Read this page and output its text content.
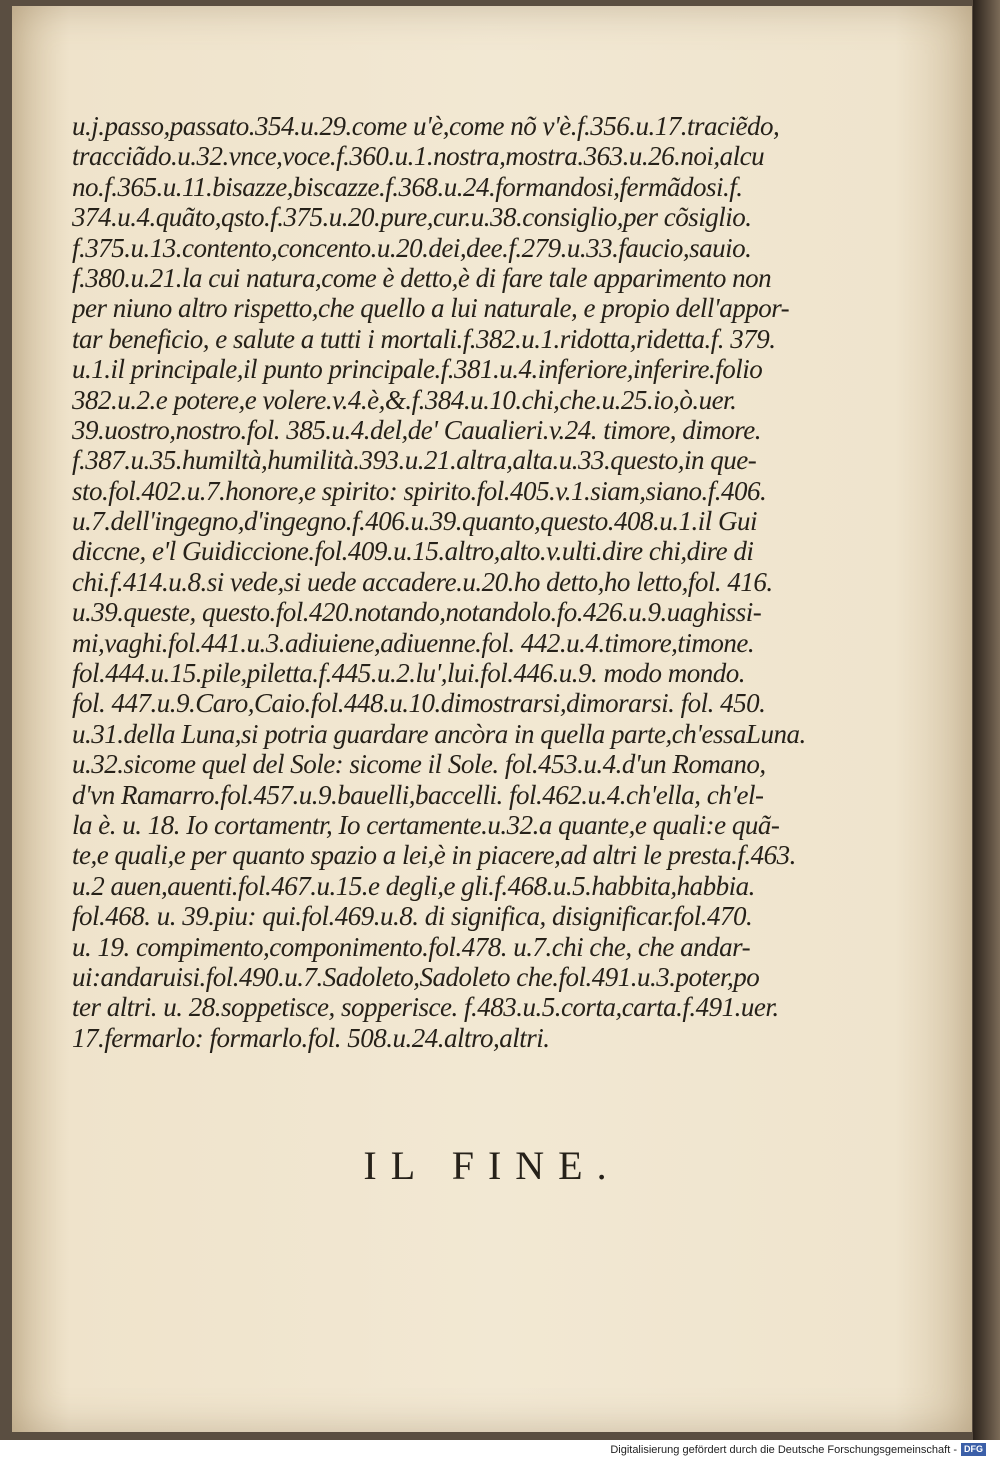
u.j.passo,passato.354.u.29.come u'è,come nõ v'è.f.356.u.17.traciẽdo,
tracciãdo.u.32.vnce,voce.f.360.u.1.nostra,mostra.363.u.26.noi,alcu
no.f.365.u.11.bisazze,biscazze.f.368.u.24.formandosi,fermãdosi.f.
374.u.4.quãto,qsto.f.375.u.20.pure,cur.u.38.consiglio,per cõsiglio.
f.375.u.13.contento,concento.u.20.dei,dee.f.279.u.33.faucio,sauio.
f.380.u.21.la cui natura,come è detto,è di fare tale apparimento non
per niuno altro rispetto,che quello a lui naturale, e propio dell'appor-
tar beneficio, e salute a tutti i mortali.f.382.u.1.ridotta,ridetta.f. 379.
u.1.il principale,il punto principale.f.381.u.4.inferiore,inferire.folio
382.u.2.e potere,e volere.v.4.è,&.f.384.u.10.chi,che.u.25.io,ò.uer.
39.uostro,nostro.fol. 385.u.4.del,de' Caualieri.v.24. timore, dimore.
f.387.u.35.humiltà,humilità.393.u.21.altra,alta.u.33.questo,in que-
sto.fol.402.u.7.honore,e spirito: spirito.fol.405.v.1.siam,siano.f.406.
u.7.dell'ingegno,d'ingegno.f.406.u.39.quanto,questo.408.u.1.il Gui
diccne, e'l Guidiccione.fol.409.u.15.altro,alto.v.ulti.dire chi,dire di
chi.f.414.u.8.si vede,si uede accadere.u.20.ho detto,ho letto,fol. 416.
u.39.queste, questo.fol.420.notando,notandolo.fo.426.u.9.uaghissi-
mi,vaghi.fol.441.u.3.adiuiene,adiuenne.fol. 442.u.4.timore,timone.
fol.444.u.15.pile,piletta.f.445.u.2.lu',lui.fol.446.u.9. modo mondo.
fol. 447.u.9.Caro,Caio.fol.448.u.10.dimostrarsi,dimorarsi. fol. 450.
u.31.della Luna,si potria guardare ancòra in quella parte,ch'essaLuna.
u.32.sicome quel del Sole: sicome il Sole. fol.453.u.4.d'un Romano,
d'vn Ramarro.fol.457.u.9.bauelli,baccelli. fol.462.u.4.ch'ella, ch'el-
la è. u. 18. Io cortamentr, Io certamente.u.32.a quante,e quali:e quã-
te,e quali,e per quanto spazio a lei,è in piacere,ad altri le presta.f.463.
u.2 auen,auenti.fol.467.u.15.e degli,e gli.f.468.u.5.habbita,habbia.
fol.468. u. 39.piu: qui.fol.469.u.8. di significa, disignificar.fol.470.
u. 19. compimento,componimento.fol.478. u.7.chi che, che andar-
ui:andaruisi.fol.490.u.7.Sadoleto,Sadoleto che.fol.491.u.3.poter,po
ter altri. u. 28.soppetisce, sopperisce. f.483.u.5.corta,carta.f.491.uer.
17.fermarlo: formarlo.fol. 508.u.24.altro,altri.
IL FINE.
Digitalisierung gefördert durch die Deutsche Forschungsgemeinschaft - DFG
